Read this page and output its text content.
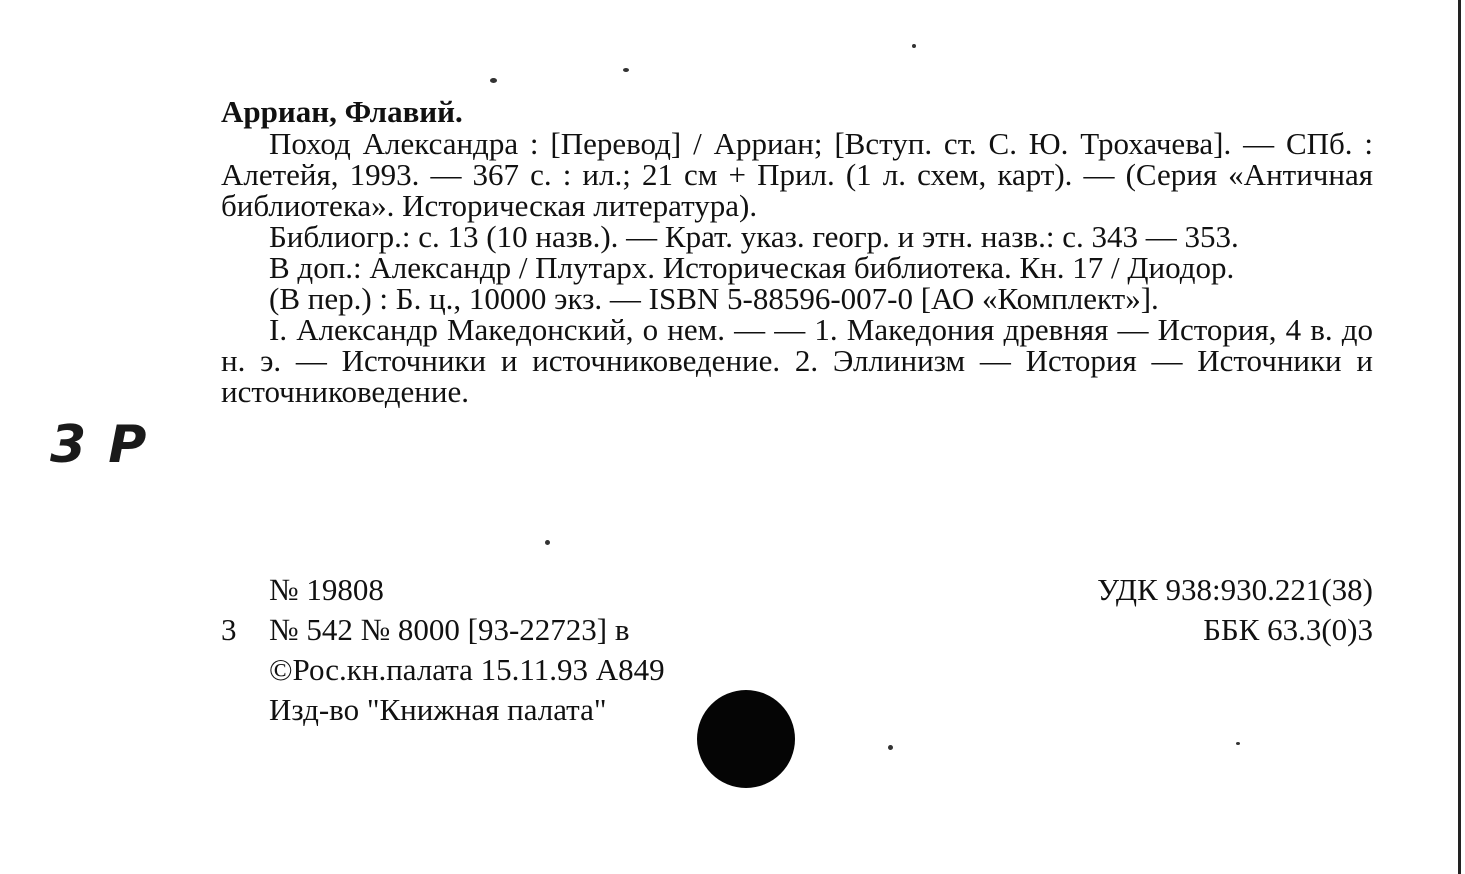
3 Р
Арриан, Флавий.

Поход Александра : [Перевод] / Арриан; [Вступ. ст. С. Ю. Трохачева]. — СПб. : Алетейя, 1993. — 367 с. : ил.; 21 см + Прил. (1 л. схем, карт). — (Серия «Античная библиотека». Историческая литература).

Библиогр.: с. 13 (10 назв.). — Крат. указ. геогр. и этн. назв.: с. 343 — 353.

В доп.: Александр / Плутарх. Историческая библиотека. Кн. 17 / Диодор.

(В пер.) : Б. ц., 10000 экз. — ISBN 5-88596-007-0 [АО «Комплект»].

I. Александр Македонский, о нем. — — 1. Македония древняя — История, 4 в. до н. э. — Источники и источниковедение. 2. Эллинизм — История — Источники и источниковедение.

№ 19808
3 № 542 № 8000 [93-22723] в
©Рос.кн.палата 15.11.93 А849
Изд-во "Книжная палата"
УДК 938:930.221(38)
ББК 63.3(0)3
